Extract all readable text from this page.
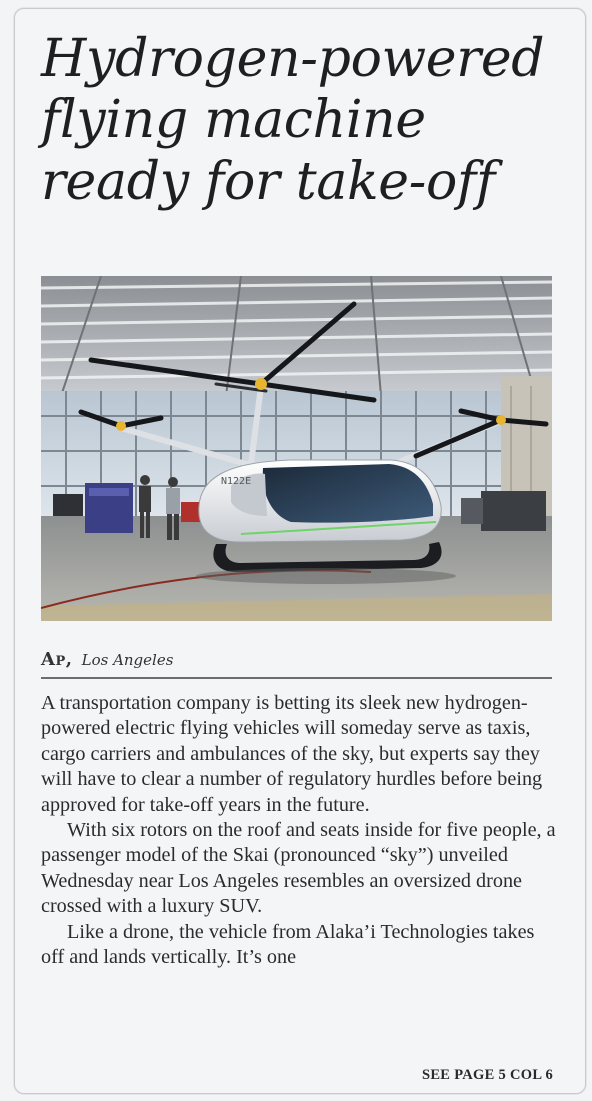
Hydrogen-powered
flying machine
ready for take-off
N122E
Ap, Los Angeles

A transportation company is betting its sleek new hydrogen-powered electric flying vehicles will someday serve as taxis, cargo carriers and ambulances of the sky, but experts say they will have to clear a number of regulatory hurdles before being approved for take-off years in the future.

With six rotors on the roof and seats inside for five people, a passenger model of the Skai (pronounced “sky”) unveiled Wednesday near Los Angeles resembles an oversized drone crossed with a luxury SUV.

Like a drone, the vehicle from Alaka’i Technologies takes off and lands vertically. It’s one

SEE PAGE 5 COL 6
